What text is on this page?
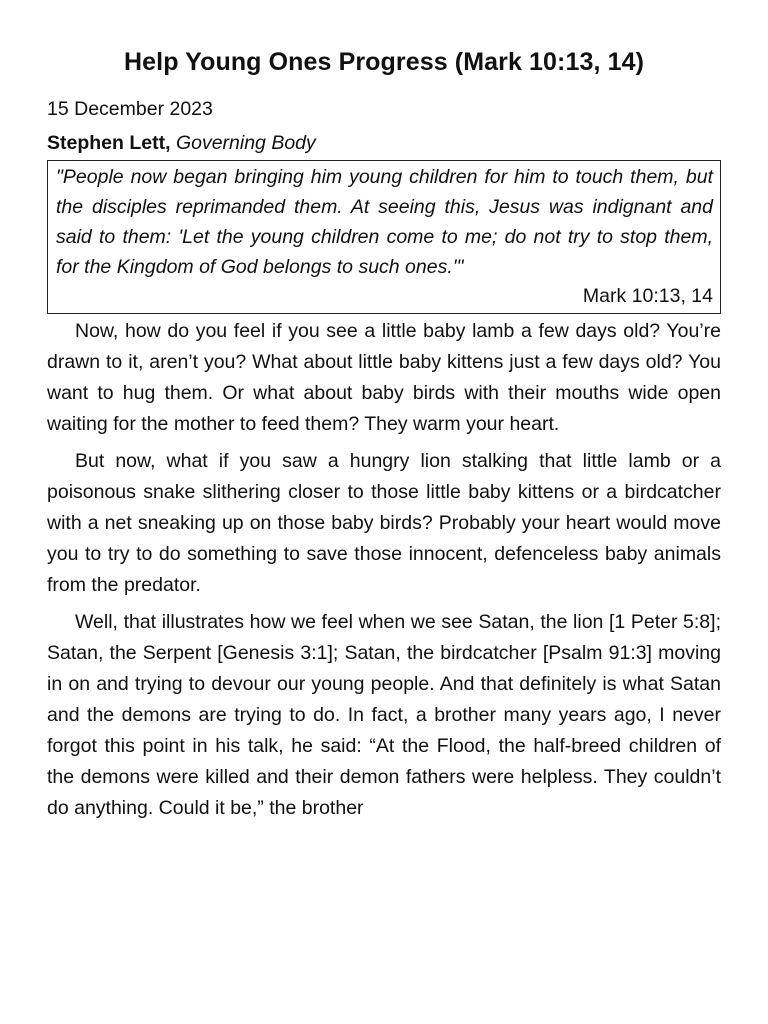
Help Young Ones Progress (Mark 10:13, 14)
15 December 2023
Stephen Lett, Governing Body
"People now began bringing him young children for him to touch them, but the disciples reprimanded them. At seeing this, Jesus was indignant and said to them: 'Let the young children come to me; do not try to stop them, for the Kingdom of God belongs to such ones.'"
Mark 10:13, 14

Now, how do you feel if you see a little baby lamb a few days old? You’re drawn to it, aren’t you? What about little baby kittens just a few days old? You want to hug them. Or what about baby birds with their mouths wide open waiting for the mother to feed them? They warm your heart.

But now, what if you saw a hungry lion stalking that little lamb or a poisonous snake slithering closer to those little baby kittens or a birdcatcher with a net sneaking up on those baby birds? Probably your heart would move you to try to do something to save those innocent, defenceless baby animals from the predator.

Well, that illustrates how we feel when we see Satan, the lion [1 Peter 5:8]; Satan, the Serpent [Genesis 3:1]; Satan, the birdcatcher [Psalm 91:3] moving in on and trying to devour our young people. And that definitely is what Satan and the demons are trying to do. In fact, a brother many years ago, I never forgot this point in his talk, he said: “At the Flood, the half-breed children of the demons were killed and their demon fathers were helpless. They couldn’t do anything. Could it be,” the brother
